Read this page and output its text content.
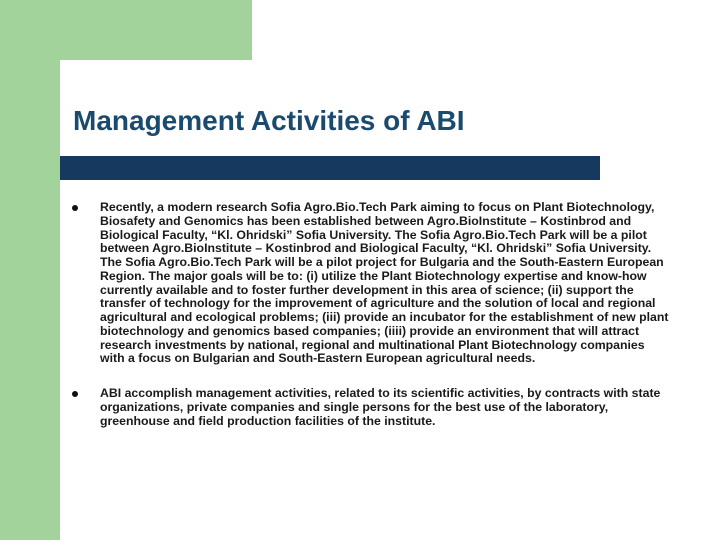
Management Activities of ABI
Recently, a modern research Sofia Agro.Bio.Tech Park aiming to focus on Plant Biotechnology, Biosafety and Genomics has been established between Agro.BioInstitute – Kostinbrod and Biological Faculty, “Kl. Ohridski” Sofia University. The Sofia Agro.Bio.Tech Park will be a pilot between Agro.BioInstitute – Kostinbrod and Biological Faculty, “Kl. Ohridski” Sofia University. The Sofia Agro.Bio.Tech Park will be a pilot project for Bulgaria and the South-Eastern European Region. The major goals will be to: (i) utilize the Plant Biotechnology expertise and know-how currently available and to foster further development in this area of science; (ii) support the transfer of technology for the improvement of agriculture and the solution of local and regional agricultural and ecological problems; (iii) provide an incubator for the establishment of new plant biotechnology and genomics based companies; (iiii) provide an environment that will attract research investments by national, regional and multinational Plant Biotechnology companies with a focus on Bulgarian and South-Eastern European agricultural needs.
ABI accomplish management activities, related to its scientific activities, by contracts with state organizations, private companies and single persons for the best use of the laboratory, greenhouse and field production facilities of the institute.
